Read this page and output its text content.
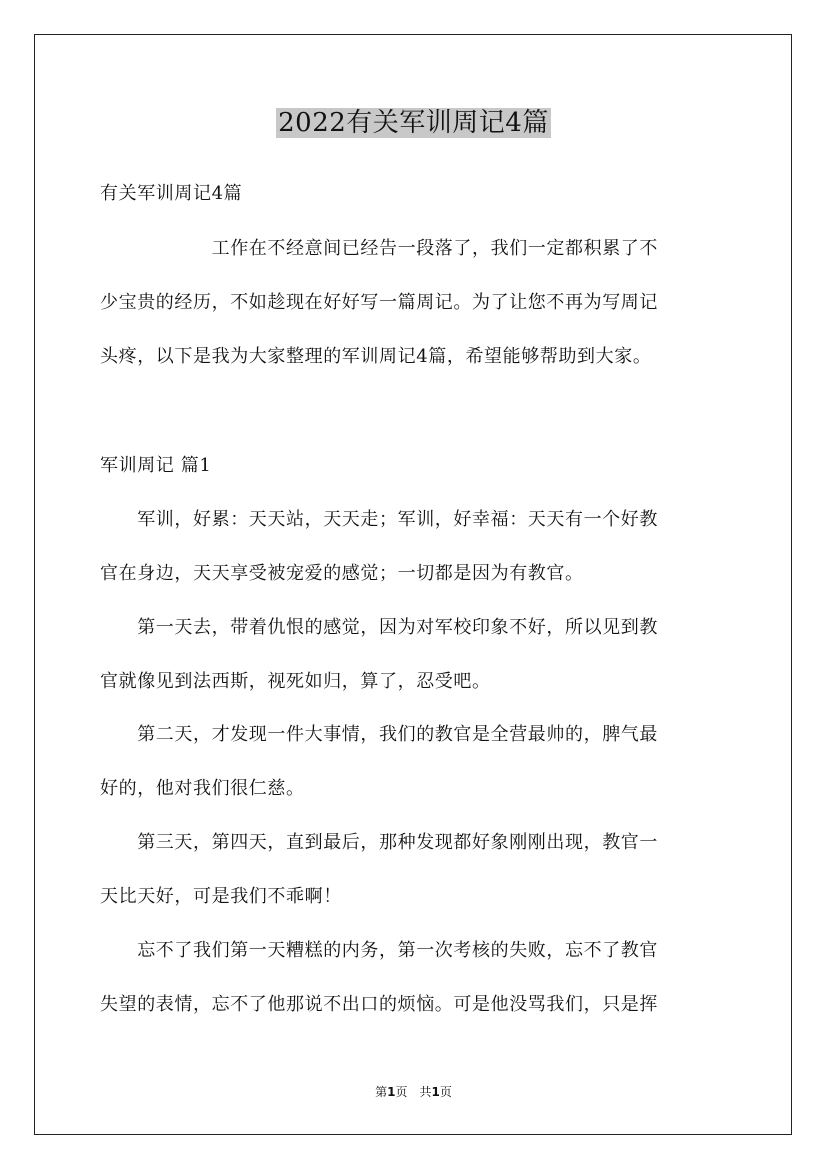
2022有关军训周记4篇
有关军训周记4篇
　　　　　　工作在不经意间已经告一段落了，我们一定都积累了不
少宝贵的经历，不如趁现在好好写一篇周记。为了让您不再为写周记
头疼，以下是我为大家整理的军训周记4篇，希望能够帮助到大家。
军训周记 篇1
　　军训，好累：天天站，天天走；军训，好幸福：天天有一个好教
官在身边，天天享受被宠爱的感觉；一切都是因为有教官。
　　第一天去，带着仇恨的感觉，因为对军校印象不好，所以见到教
官就像见到法西斯，视死如归，算了，忍受吧。
　　第二天，才发现一件大事情，我们的教官是全营最帅的，脾气最
好的，他对我们很仁慈。
　　第三天，第四天，直到最后，那种发现都好象刚刚出现，教官一
天比天好，可是我们不乖啊！
　　忘不了我们第一天糟糕的内务，第一次考核的失败，忘不了教官
失望的表情，忘不了他那说不出口的烦恼。可是他没骂我们，只是挥
第1页　共1页
